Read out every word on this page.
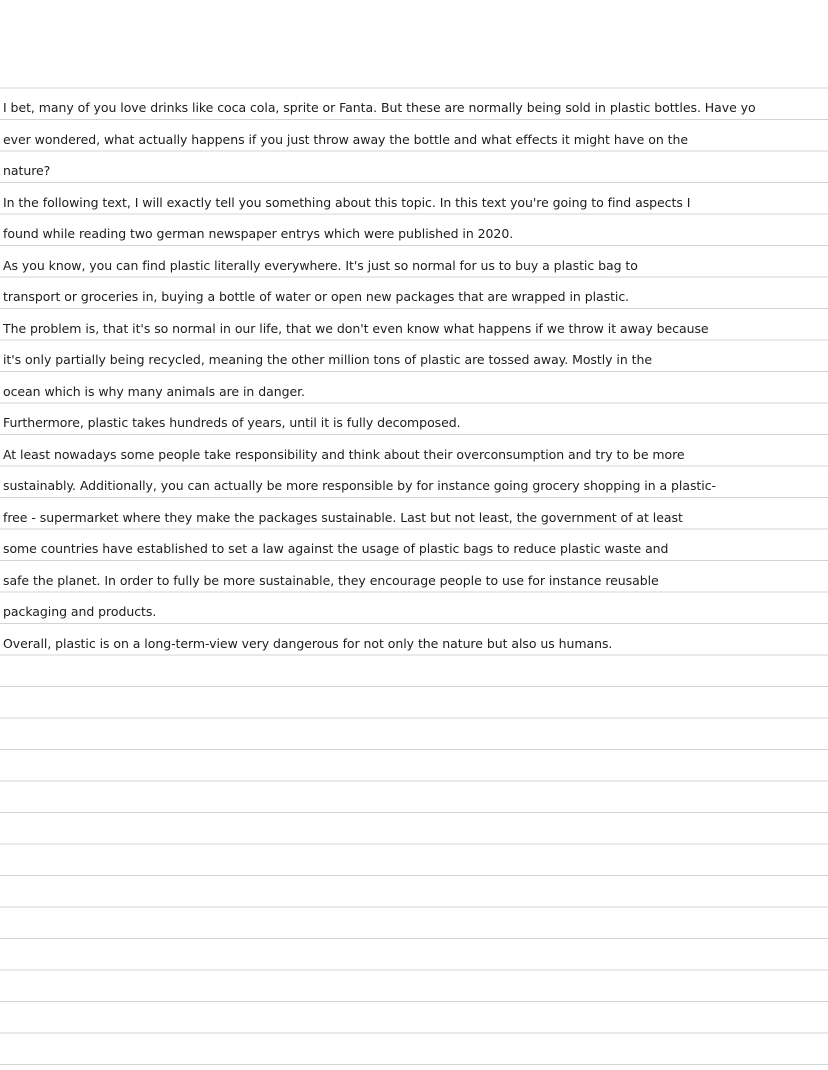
I bet, many of you love drinks like coca cola, sprite or Fanta. But these are normally being sold in plastic bottles. Have yo
ever wondered, what actually happens if you just throw away the bottle and what effects it might have on the
nature?
In the following text, I will exactly tell you something about this topic. In this text you're going to find aspects I
found while reading two german newspaper entrys which were published in 2020.
As you know, you can find plastic literally everywhere. It's just so normal for us to buy a plastic bag to
transport or groceries in, buying a bottle of water or open new packages that are wrapped in plastic.
The problem is, that it's so normal in our life, that we don't even know what happens if we throw it away because
it's only partially being recycled, meaning the other million tons of plastic are tossed away. Mostly in the
ocean which is why many animals are in danger.
Furthermore, plastic takes hundreds of years, until it is fully decomposed.
At least nowadays some people take responsibility and think about their overconsumption and try to be more
sustainably. Additionally, you can actually be more responsible by for instance going grocery shopping in a plastic-
free - supermarket where they make the packages sustainable. Last but not least, the government of at least
some countries have established to set a law against the usage of plastic bags to reduce plastic waste and
safe the planet. In order to fully be more sustainable, they encourage people to use for instance reusable
packaging and products.
Overall, plastic is on a long-term-view very dangerous for not only the nature but also us humans.
